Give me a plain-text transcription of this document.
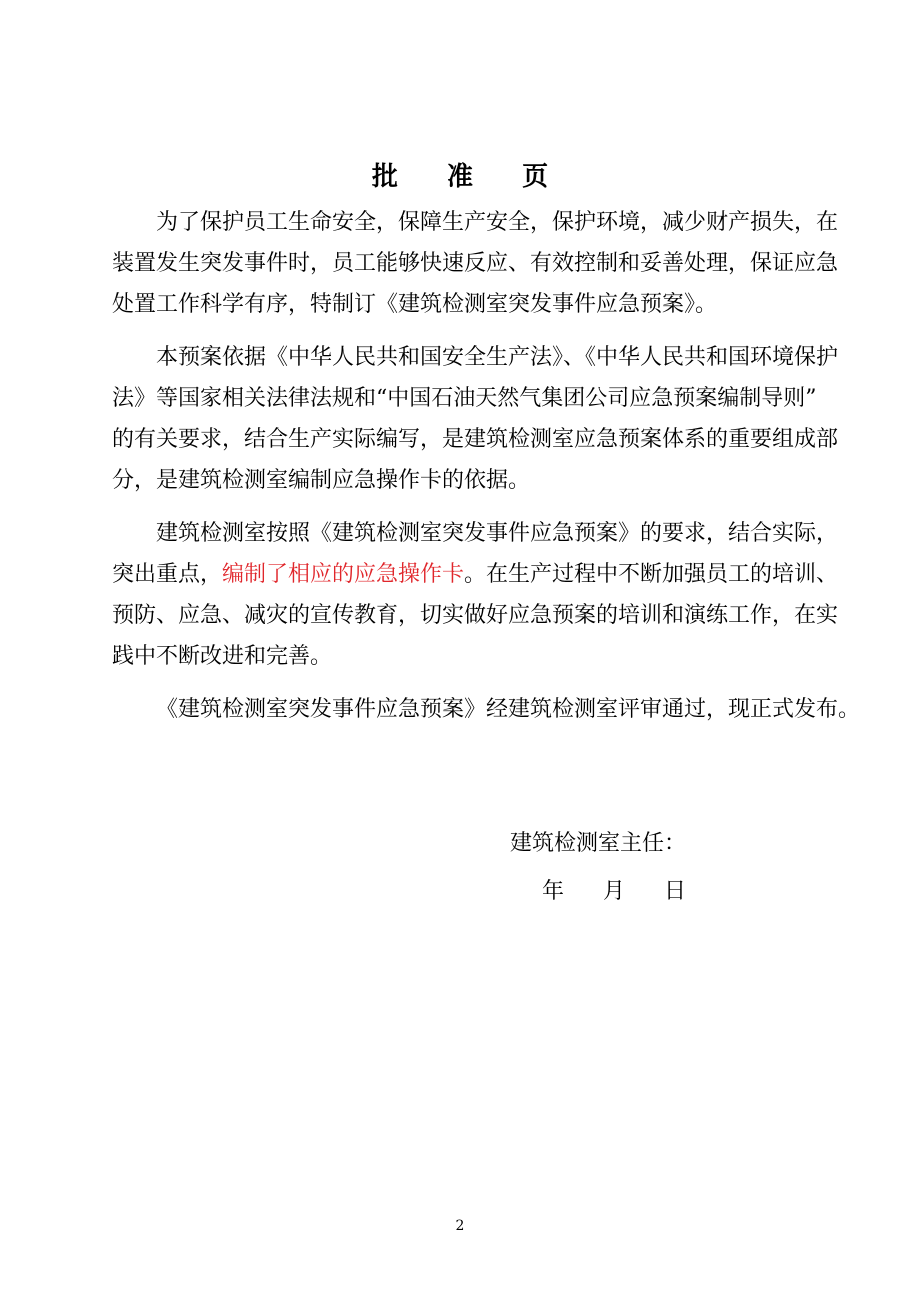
批 准 页
为了保护员工生命安全，保障生产安全，保护环境，减少财产损失，在
装置发生突发事件时，员工能够快速反应、有效控制和妥善处理，保证应急
处置工作科学有序，特制订《建筑检测室突发事件应急预案》。
本预案依据《中华人民共和国安全生产法》、《中华人民共和国环境保护
法》等国家相关法律法规和“中国石油天然气集团公司应急预案编制导则”
的有关要求，结合生产实际编写，是建筑检测室应急预案体系的重要组成部
分，是建筑检测室编制应急操作卡的依据。
建筑检测室按照《建筑检测室突发事件应急预案》的要求，结合实际，
突出重点， 编制了相应的应急操作卡 。在生产过程中不断加强员工的培训、
预防、应急、减灾的宣传教育，切实做好应急预案的培训和演练工作，在实
践中不断改进和完善。
《建筑检测室突发事件应急预案》经建筑检测室评审通过，现正式发布。
建筑检测室主任：
年 月 日
2
